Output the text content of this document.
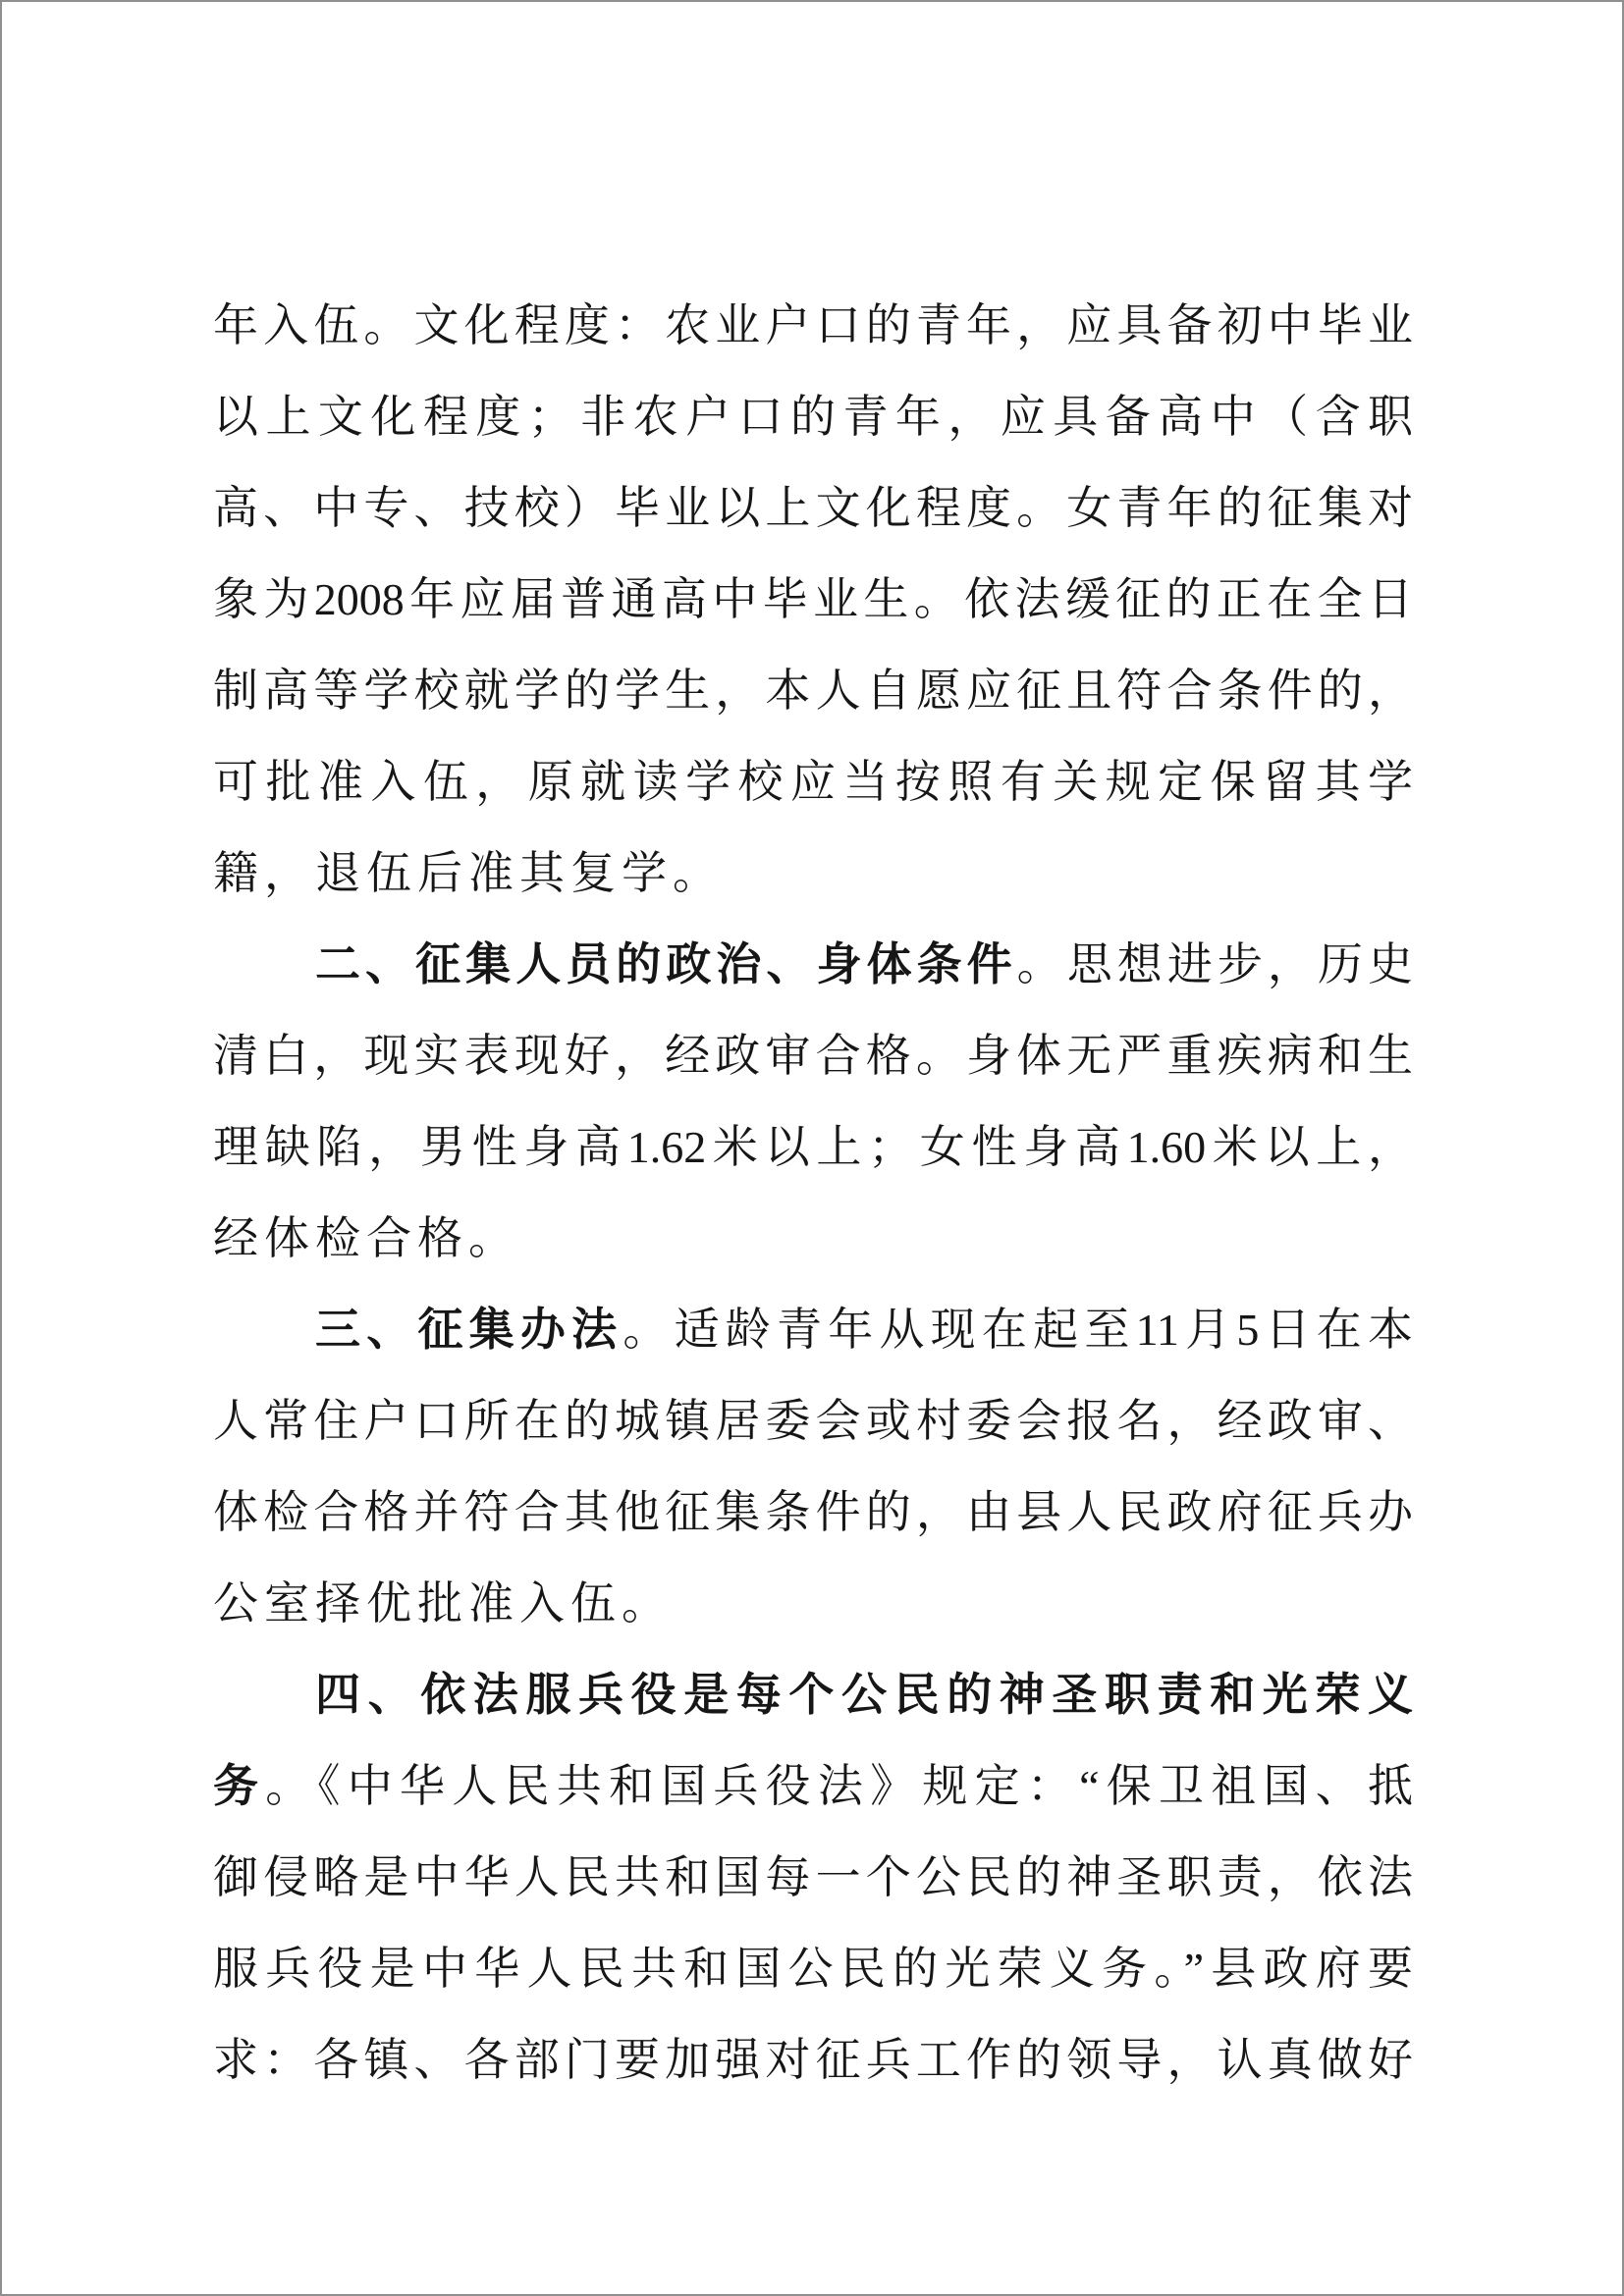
年入伍。文化程度：农业户口的青年，应具备初中毕业
以上文化程度；非农户口的青年，应具备高中（含职
高、中专、技校）毕业以上文化程度。女青年的征集对
象为2008年应届普通高中毕业生。依法缓征的正在全日
制高等学校就学的学生，本人自愿应征且符合条件的，
可批准入伍，原就读学校应当按照有关规定保留其学
籍，退伍后准其复学。
二、征集人员的政治、身体条件。思想进步，历史
清白，现实表现好，经政审合格。身体无严重疾病和生
理缺陷，男性身高1.62米以上；女性身高1.60米以上，
经体检合格。
三、征集办法。适龄青年从现在起至11月5日在本
人常住户口所在的城镇居委会或村委会报名，经政审、
体检合格并符合其他征集条件的，由县人民政府征兵办
公室择优批准入伍。
四、依法服兵役是每个公民的神圣职责和光荣义
务。《中华人民共和国兵役法》规定：“保卫祖国、抵
御侵略是中华人民共和国每一个公民的神圣职责，依法
服兵役是中华人民共和国公民的光荣义务。”县政府要
求：各镇、各部门要加强对征兵工作的领导，认真做好
